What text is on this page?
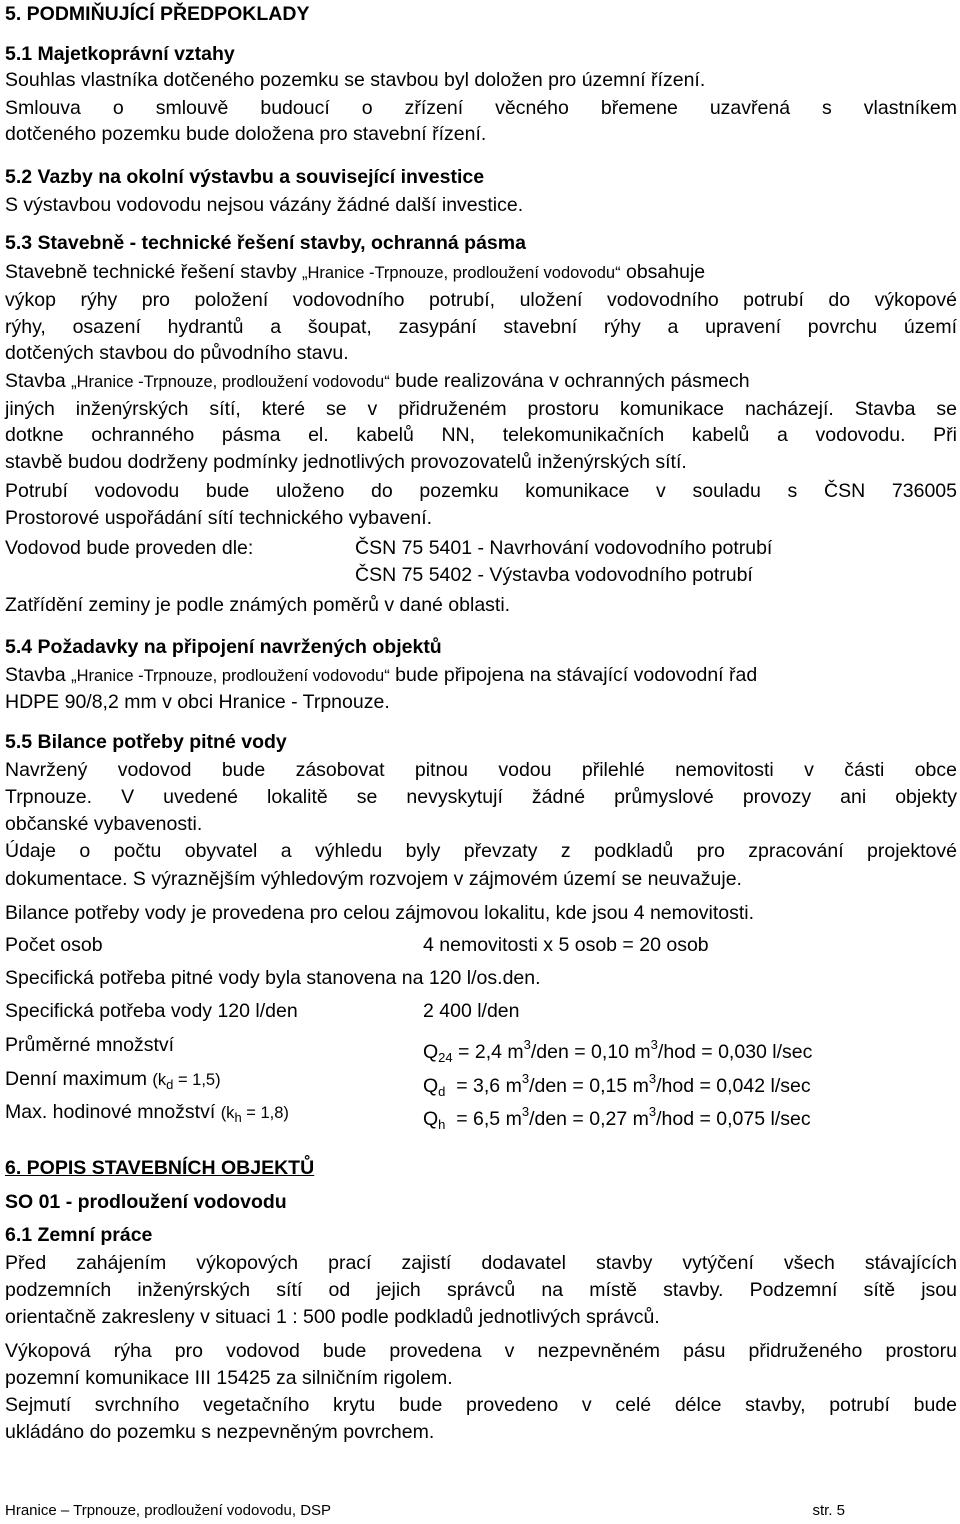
5. PODMIŇUJÍCÍ PŘEDPOKLADY
5.1 Majetkoprávní vztahy
Souhlas vlastníka dotčeného pozemku se stavbou byl doložen pro územní řízení.
Smlouva o smlouvě budoucí o zřízení věcného břemene uzavřená s vlastníkem
dotčeného pozemku bude doložena pro stavební řízení.
5.2 Vazby na okolní výstavbu a související investice
S výstavbou vodovodu nejsou vázány žádné další investice.
5.3 Stavebně - technické řešení stavby, ochranná pásma
Stavebně technické řešení stavby „Hranice -Trpnouze, prodloužení vodovodu“ obsahuje
výkop rýhy pro položení vodovodního potrubí, uložení vodovodního potrubí do výkopové
rýhy, osazení hydrantů a šoupat, zasypání stavební rýhy a upravení povrchu území
dotčených stavbou do původního stavu.
Stavba „Hranice -Trpnouze, prodloužení vodovodu“ bude realizována v ochranných pásmech
jiných inženýrských sítí, které se v přidruženém prostoru komunikace nacházejí. Stavba se
dotkne ochranného pásma el. kabelů NN, telekomunikačních kabelů a vodovodu. Při
stavbě budou dodrženy podmínky jednotlivých provozovatelů inženýrských sítí.
Potrubí vodovodu bude uloženo do pozemku komunikace v souladu s ČSN 736005
Prostorové uspořádání sítí technického vybavení.
Vodovod bude proveden dle:	ČSN 75 5401 - Navrhování vodovodního potrubí
ČSN 75 5402 - Výstavba vodovodního potrubí
Zatřídění zeminy je podle známých poměrů v dané oblasti.
5.4 Požadavky na připojení navržených objektů
Stavba „Hranice -Trpnouze, prodloužení vodovodu“ bude připojena na stávající vodovodní řad
HDPE 90/8,2 mm v obci Hranice - Trpnouze.
5.5 Bilance potřeby pitné vody
Navržený vodovod bude zásobovat pitnou vodou přilehlé nemovitosti v části obce
Trpnouze. V uvedené lokalitě se nevyskytují žádné průmyslové provozy ani objekty
občanské vybavenosti.
Údaje o počtu obyvatel a výhledu byly převzaty z podkladů pro zpracování projektové
dokumentace. S výraznějším výhledovým rozvojem v zájmovém území se neuvažuje.
Bilance potřeby vody je provedena pro celou zájmovou lokalitu, kde jsou 4 nemovitosti.
Počet osob	4 nemovitosti x 5 osob = 20 osob
Specifická potřeba pitné vody byla stanovena na 120 l/os.den.
Specifická potřeba vody 120 l/den	2 400 l/den
Průměrné množství	$Q_{24} = 2,4$ $m^3$/den = 0,10 $m^3$/hod = 0,030 l/sec
Denní maximum $(k_d = 1,5)$	$Q_d = 3,6$ $m^3$/den = 0,15 $m^3$/hod = 0,042 l/sec
Max. hodinové množství $(k_h = 1,8)$	$Q_h = 6,5$ $m^3$/den = 0,27 $m^3$/hod = 0,075 l/sec
6. POPIS STAVEBNÍCH OBJEKTŮ
SO 01 - prodloužení vodovodu
6.1 Zemní práce
Před zahájením výkopových prací zajistí dodavatel stavby vytýčení všech stávajících
podzemních inženýrských sítí od jejich správců na místě stavby. Podzemní sítě jsou
orientačně zakresleny v situaci 1 : 500 podle podkladů jednotlivých správců.
Výkopová rýha pro vodovod bude provedena v nezpevněném pásu přidruženého prostoru
pozemní komunikace III 15425 za silničním rigolem.
Sejmutí svrchního vegetačního krytu bude provedeno v celé délce stavby, potrubí bude
ukládáno do pozemku s nezpevněným povrchem.
Hranice – Trpnouze, prodloužení vodovodu, DSP	str. 5
